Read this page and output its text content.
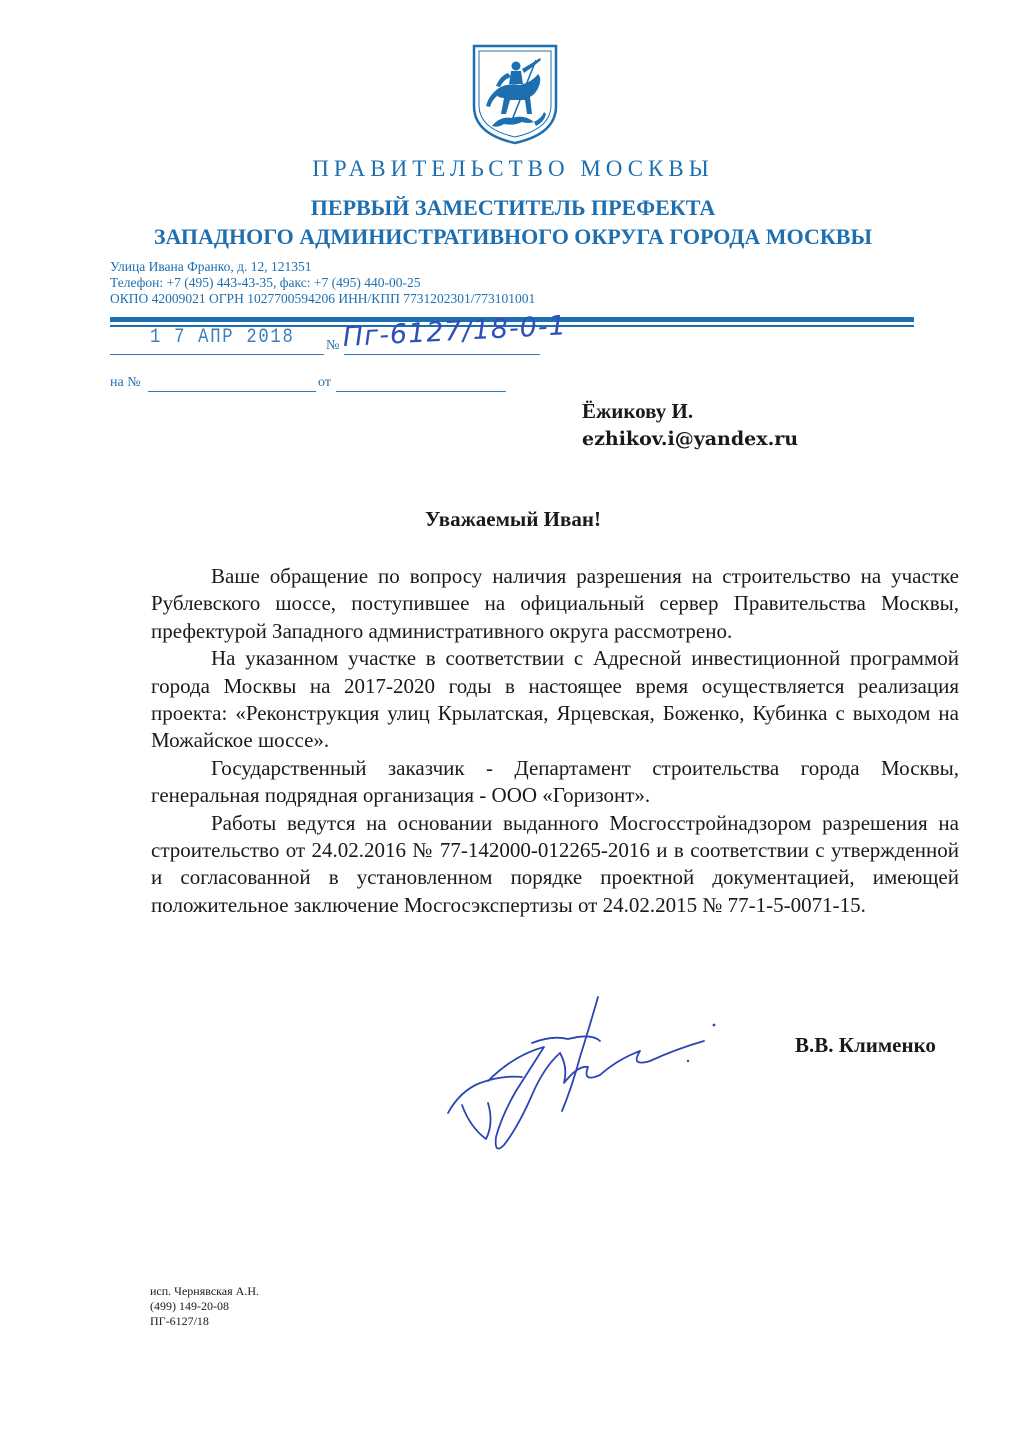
ПРАВИТЕЛЬСТВО МОСКВЫ
ПЕРВЫЙ ЗАМЕСТИТЕЛЬ ПРЕФЕКТА
ЗАПАДНОГО АДМИНИСТРАТИВНОГО ОКРУГА ГОРОДА МОСКВЫ
Улица Ивана Франко, д. 12, 121351
Телефон: +7 (495) 443-43-35, факс: +7 (495) 440-00-25
ОКПО 42009021 ОГРН 1027700594206 ИНН/КПП 7731202301/773101001
1 7 АПР 2018 № Пг-6127/18-0-1
на №	от
Ёжикову И.
ezhikov.i@yandex.ru
Уважаемый Иван!

Ваше обращение по вопросу наличия разрешения на строительство на участке Рублевского шоссе, поступившее на официальный сервер Правительства Москвы, префектурой Западного административного округа рассмотрено.

На указанном участке в соответствии с Адресной инвестиционной программой города Москвы на 2017-2020 годы в настоящее время осуществляется реализация проекта: «Реконструкция улиц Крылатская, Ярцевская, Боженко, Кубинка с выходом на Можайское шоссе».

Государственный заказчик - Департамент строительства города Москвы, генеральная подрядная организация - ООО «Горизонт».

Работы ведутся на основании выданного Мосгосстройнадзором разрешения на строительство от 24.02.2016 № 77-142000-012265-2016 и в соответствии с утвержденной и согласованной в установленном порядке проектной документацией, имеющей положительное заключение Мосгосэкспертизы от 24.02.2015 № 77-1-5-0071-15.

В.В. Клименко
исп. Чернявская А.Н.
(499) 149-20-08
ПГ-6127/18
